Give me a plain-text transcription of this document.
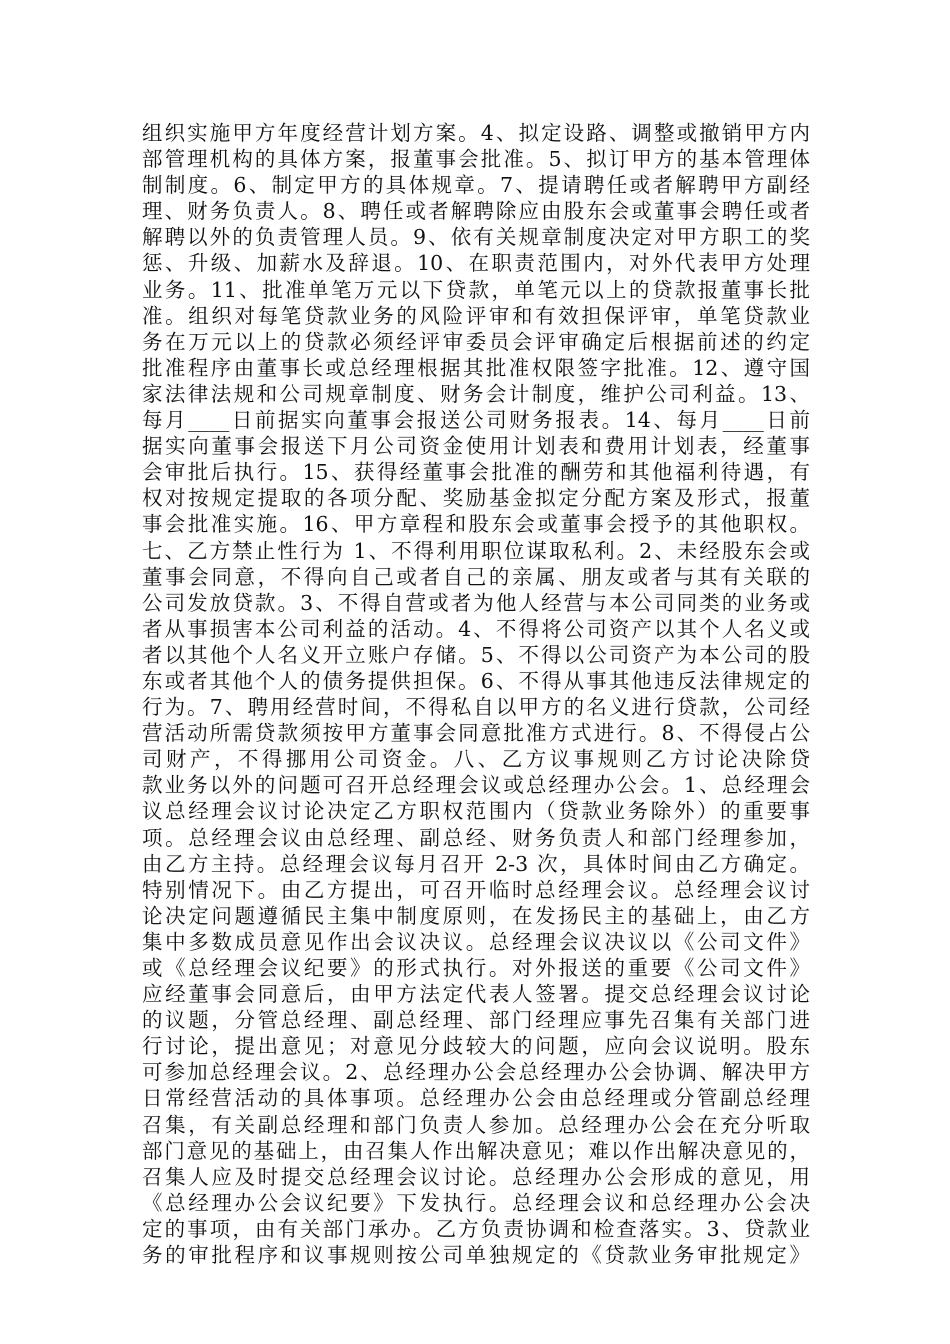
组织实施甲方年度经营计划方案。4、拟定设路、调整或撤销甲方内
部管理机构的具体方案，报董事会批准。5、拟订甲方的基本管理体
制制度。6、制定甲方的具体规章。7、提请聘任或者解聘甲方副经
理、财务负责人。8、聘任或者解聘除应由股东会或董事会聘任或者
解聘以外的负责管理人员。9、依有关规章制度决定对甲方职工的奖
惩、升级、加薪水及辞退。10、在职责范围内，对外代表甲方处理
业务。11、批准单笔万元以下贷款，单笔元以上的贷款报董事长批
准。组织对每笔贷款业务的风险评审和有效担保评审，单笔贷款业
务在万元以上的贷款必须经评审委员会评审确定后根据前述的约定
批准程序由董事长或总经理根据其批准权限签字批准。12、遵守国
家法律法规和公司规章制度、财务会计制度，维护公司利益。13、
每月____日前据实向董事会报送公司财务报表。14、每月____日前
据实向董事会报送下月公司资金使用计划表和费用计划表，经董事
会审批后执行。15、获得经董事会批准的酬劳和其他福利待遇，有
权对按规定提取的各项分配、奖励基金拟定分配方案及形式，报董
事会批准实施。16、甲方章程和股东会或董事会授予的其他职权。
七、乙方禁止性行为 1、不得利用职位谋取私利。2、未经股东会或
董事会同意，不得向自己或者自己的亲属、朋友或者与其有关联的
公司发放贷款。3、不得自营或者为他人经营与本公司同类的业务或
者从事损害本公司利益的活动。4、不得将公司资产以其个人名义或
者以其他个人名义开立账户存储。5、不得以公司资产为本公司的股
东或者其他个人的债务提供担保。6、不得从事其他违反法律规定的
行为。7、聘用经营时间，不得私自以甲方的名义进行贷款，公司经
营活动所需贷款须按甲方董事会同意批准方式进行。8、不得侵占公
司财产，不得挪用公司资金。八、乙方议事规则乙方讨论决除贷
款业务以外的问题可召开总经理会议或总经理办公会。1、总经理会
议总经理会议讨论决定乙方职权范围内（贷款业务除外）的重要事
项。总经理会议由总经理、副总经、财务负责人和部门经理参加，
由乙方主持。总经理会议每月召开 2-3 次，具体时间由乙方确定。
特别情况下。由乙方提出，可召开临时总经理会议。总经理会议讨
论决定问题遵循民主集中制度原则，在发扬民主的基础上，由乙方
集中多数成员意见作出会议决议。总经理会议决议以《公司文件》
或《总经理会议纪要》的形式执行。对外报送的重要《公司文件》
应经董事会同意后，由甲方法定代表人签署。提交总经理会议讨论
的议题，分管总经理、副总经理、部门经理应事先召集有关部门进
行讨论，提出意见；对意见分歧较大的问题，应向会议说明。股东
可参加总经理会议。2、总经理办公会总经理办公会协调、解决甲方
日常经营活动的具体事项。总经理办公会由总经理或分管副总经理
召集，有关副总经理和部门负责人参加。总经理办公会在充分听取
部门意见的基础上，由召集人作出解决意见；难以作出解决意见的，
召集人应及时提交总经理会议讨论。总经理办公会形成的意见，用
《总经理办公会议纪要》下发执行。总经理会议和总经理办公会决
定的事项，由有关部门承办。乙方负责协调和检查落实。3、贷款业
务的审批程序和议事规则按公司单独规定的《贷款业务审批规定》
